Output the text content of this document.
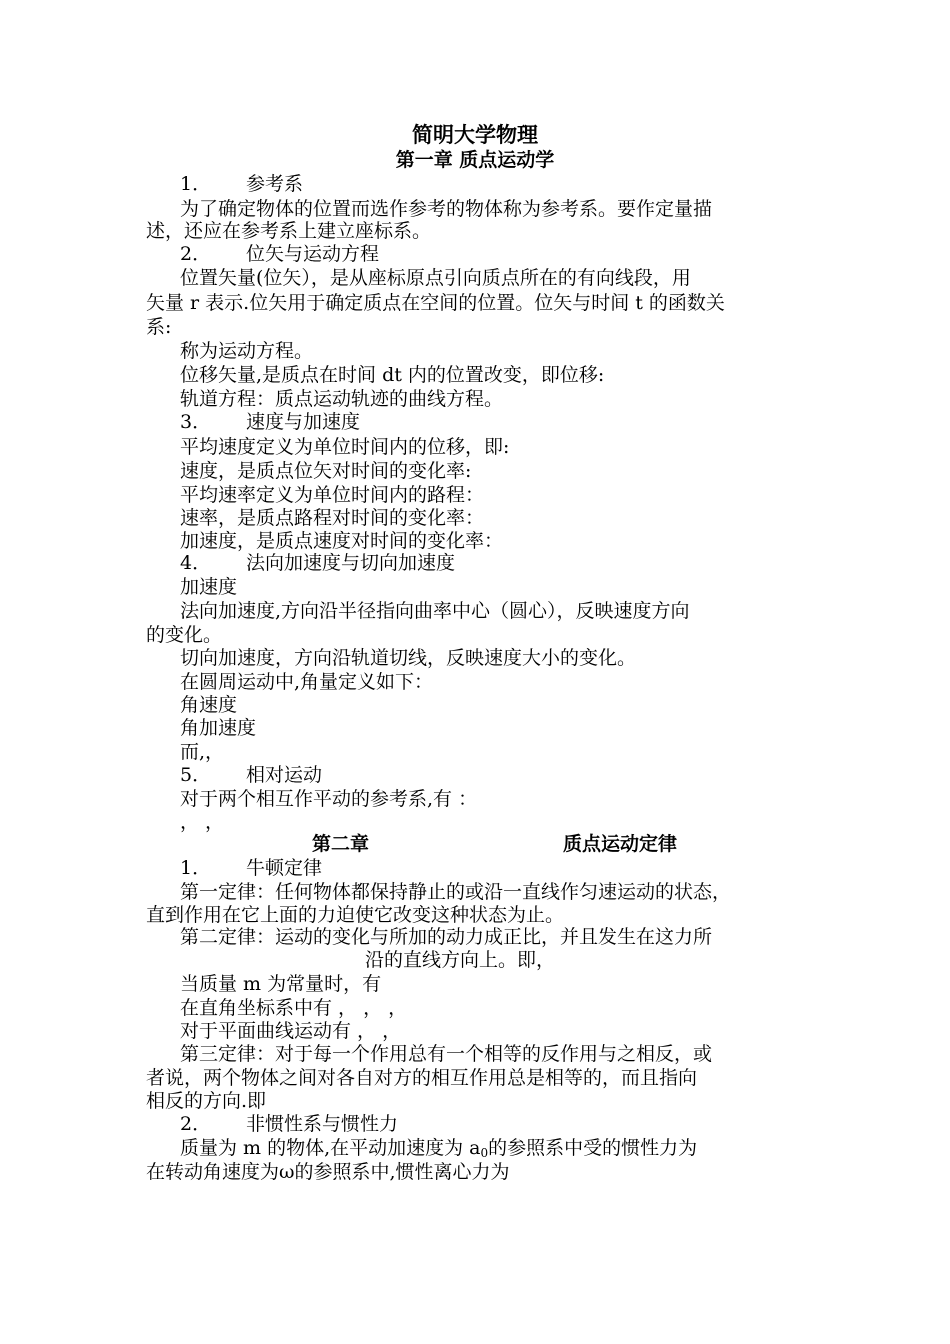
简明大学物理
第一章 质点运动学
1． 参考系
为了确定物体的位置而选作参考的物体称为参考系。要作定量描
述，还应在参考系上建立座标系。
2． 位矢与运动方程
位置矢量(位矢），是从座标原点引向质点所在的有向线段，用
矢量 r 表示.位矢用于确定质点在空间的位置。位矢与时间 t 的函数关
系:
称为运动方程。
位移矢量,是质点在时间 dt 内的位置改变，即位移:
轨道方程：质点运动轨迹的曲线方程。
3． 速度与加速度
平均速度定义为单位时间内的位移，即:
速度，是质点位矢对时间的变化率:
平均速率定义为单位时间内的路程：
速率，是质点路程对时间的变化率：
加速度，是质点速度对时间的变化率：
4． 法向加速度与切向加速度
加速度
法向加速度,方向沿半径指向曲率中心（圆心），反映速度方向
的变化。
切向加速度，方向沿轨道切线，反映速度大小的变化。
在圆周运动中,角量定义如下：
角速度
角加速度
而,，
5． 相对运动
对于两个相互作平动的参考系,有 ：
， ，
第二章	质点运动定律
1． 牛顿定律
第一定律：任何物体都保持静止的或沿一直线作匀速运动的状态，
直到作用在它上面的力迫使它改变这种状态为止。
第二定律：运动的变化与所加的动力成正比，并且发生在这力所
沿的直线方向上。即，
当质量 m 为常量时，有
在直角坐标系中有 ， ， ，
对于平面曲线运动有 ， ，
第三定律：对于每一个作用总有一个相等的反作用与之相反，或
者说，两个物体之间对各自对方的相互作用总是相等的，而且指向
相反的方向.即
2． 非惯性系与惯性力
质量为 m 的物体,在平动加速度为 a0的参照系中受的惯性力为
在转动角速度为ω的参照系中,惯性离心力为
